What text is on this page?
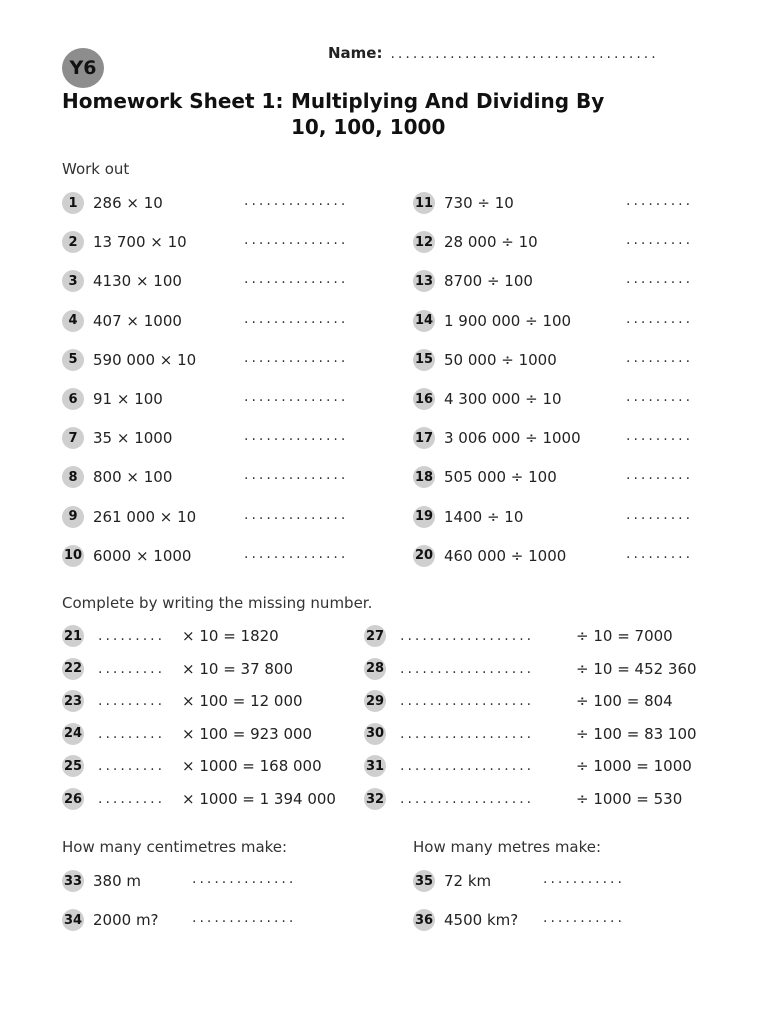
Y6
Name: ....................................
Homework Sheet 1: Multiplying And Dividing By
10, 100, 1000
Work out
1	286 × 10	..............
2	13 700 × 10	..............
3	4130 × 100	..............
4	407 × 1000	..............
5	590 000 × 10	..............
6	91 × 100	..............
7	35 × 1000	..............
8	800 × 100	..............
9	261 000 × 10	..............
10 6000 × 1000	..............
11 730 ÷ 10	.........
12 28 000 ÷ 10	.........
13 8700 ÷ 100	.........
14 1 900 000 ÷ 100	.........
15 50 000 ÷ 1000	.........
16 4 300 000 ÷ 10	.........
17 3 006 000 ÷ 1000	.........
18 505 000 ÷ 100	.........
19 1400 ÷ 10	.........
20 460 000 ÷ 1000	.........
Complete by writing the missing number.
21 .........	× 10 = 1820
22 .........	× 10 = 37 800
23 .........	× 100 = 12 000
24 .........	× 100 = 923 000
25 .........	× 1000 = 168 000
26 .........	× 1000 = 1 394 000
27 ..................	÷ 10 = 7000
28 ..................	÷ 10 = 452 360
29 ..................	÷ 100 = 804
30 ..................	÷ 100 = 83 100
31 ..................	÷ 1000 = 1000
32 ..................	÷ 1000 = 530
How many centimetres make:	How many metres make:
33 380 m	..............
34 2000 m? ..............
35 72 km	...........
36 4500 km? ...........
